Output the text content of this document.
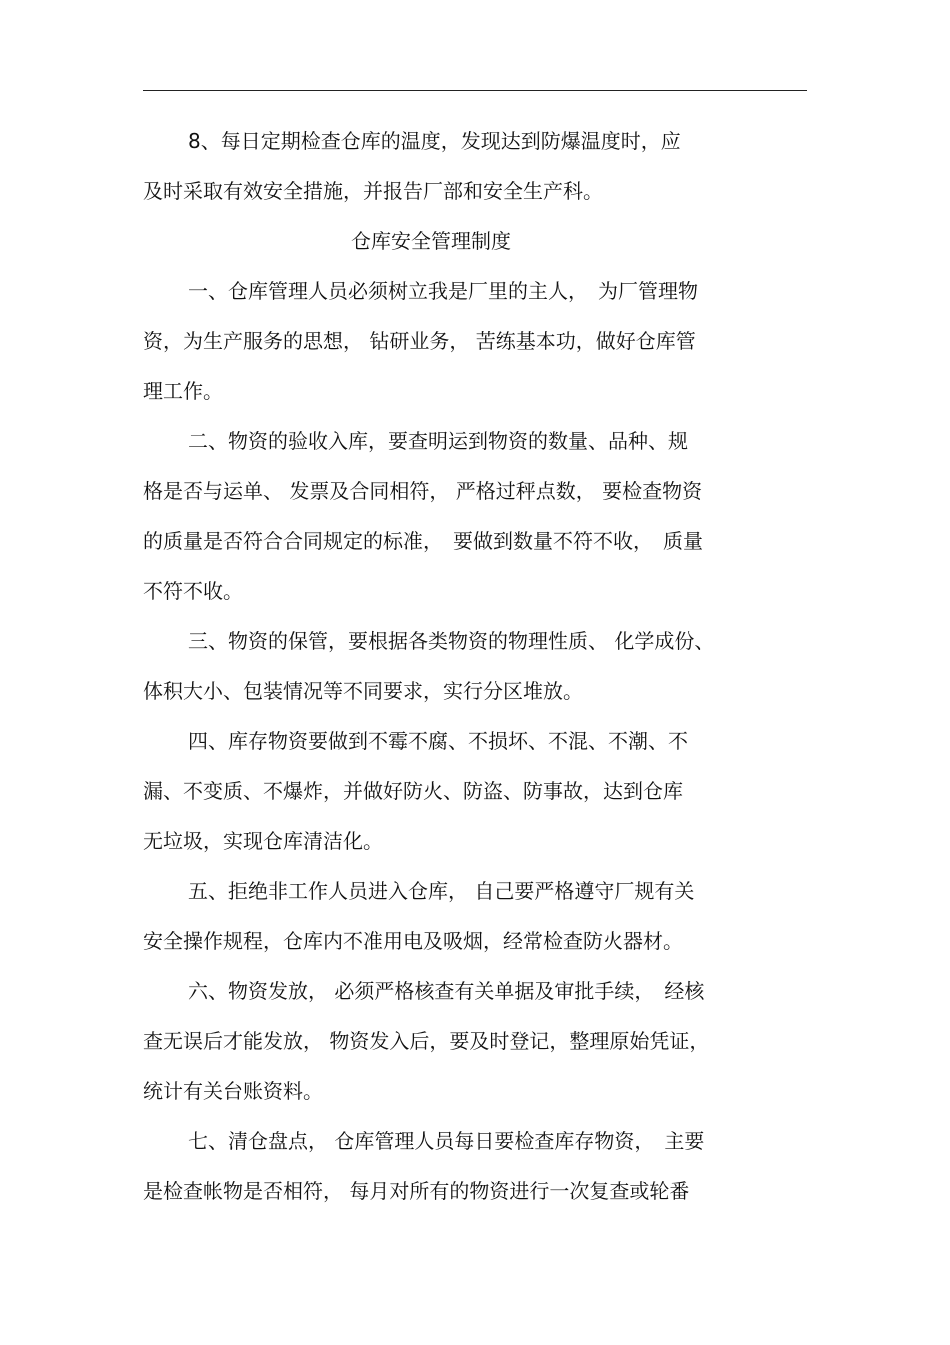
8、每日定期检查仓库的温度，发现达到防爆温度时，应
及时采取有效安全措施，并报告厂部和安全生产科。
仓库安全管理制度
一、仓库管理人员必须树立我是厂里的主人，　为厂管理物
资，为生产服务的思想， 钻研业务， 苦练基本功，做好仓库管
理工作。
二、物资的验收入库，要查明运到物资的数量、品种、规
格是否与运单、 发票及合同相符， 严格过秤点数， 要检查物资
的质量是否符合合同规定的标准，　要做到数量不符不收，　质量
不符不收。
三、物资的保管，要根据各类物资的物理性质、 化学成份、
体积大小、包装情况等不同要求，实行分区堆放。
四、库存物资要做到不霉不腐、不损坏、不混、不潮、不
漏、不变质、不爆炸，并做好防火、防盗、防事故，达到仓库
无垃圾，实现仓库清洁化。
五、拒绝非工作人员进入仓库， 自己要严格遵守厂规有关
安全操作规程，仓库内不准用电及吸烟，经常检查防火器材。
六、物资发放， 必须严格核查有关单据及审批手续，　经核
查无误后才能发放， 物资发入后，要及时登记，整理原始凭证，
统计有关台账资料。
七、清仓盘点， 仓库管理人员每日要检查库存物资，　主要
是检查帐物是否相符， 每月对所有的物资进行一次复查或轮番
